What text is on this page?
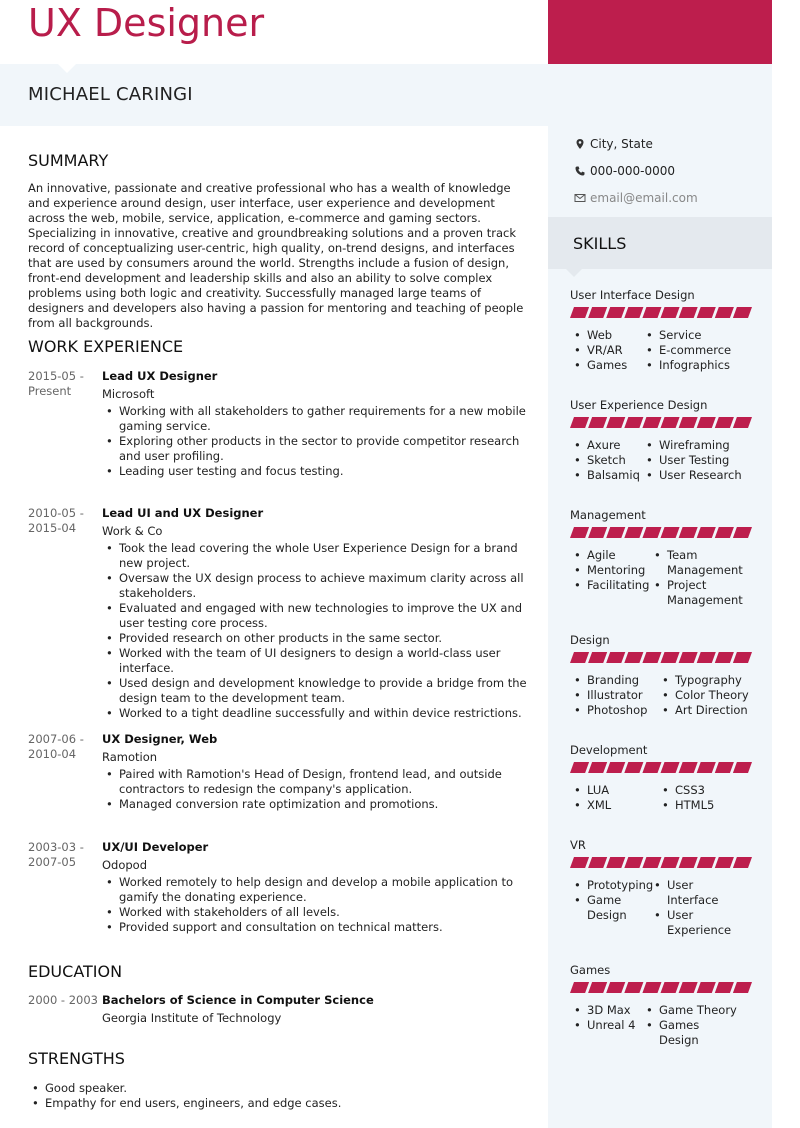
UX Designer
MICHAEL CARINGI
City, State
000-000-0000
email@email.com
SKILLS
User Interface Design
• Web
• VR/AR
• Games
• Service
• E-commerce
• Infographics
User Experience Design
• Axure
• Sketch
• Balsamiq
• Wireframing
• User Testing
• User Research
Management
• Agile
• Mentoring
• Facilitating
• Team Management
• Project Management
Design
• Branding
• Illustrator
• Photoshop
• Typography
• Color Theory
• Art Direction
Development
• LUA
• XML
• CSS3
• HTML5
VR
• Prototyping
• Game Design
• User Interface
• User Experience
Games
• 3D Max
• Unreal 4
• Game Theory
• Games Design
SUMMARY
An innovative, passionate and creative professional who has a wealth of knowledge and experience around design, user interface, user experience and development across the web, mobile, service, application, e-commerce and gaming sectors. Specializing in innovative, creative and groundbreaking solutions and a proven track record of conceptualizing user-centric, high quality, on-trend designs, and interfaces that are used by consumers around the world. Strengths include a fusion of design, front-end development and leadership skills and also an ability to solve complex problems using both logic and creativity. Successfully managed large teams of designers and developers also having a passion for mentoring and teaching of people from all backgrounds.
WORK EXPERIENCE
2015-05 - Present
Lead UX Designer
Microsoft
• Working with all stakeholders to gather requirements for a new mobile gaming service.
• Exploring other products in the sector to provide competitor research and user profiling.
• Leading user testing and focus testing.
2010-05 - 2015-04
Lead UI and UX Designer
Work & Co
• Took the lead covering the whole User Experience Design for a brand new project.
• Oversaw the UX design process to achieve maximum clarity across all stakeholders.
• Evaluated and engaged with new technologies to improve the UX and user testing core process.
• Provided research on other products in the same sector.
• Worked with the team of UI designers to design a world-class user interface.
• Used design and development knowledge to provide a bridge from the design team to the development team.
• Worked to a tight deadline successfully and within device restrictions.
2007-06 - 2010-04
UX Designer, Web
Ramotion
• Paired with Ramotion's Head of Design, frontend lead, and outside contractors to redesign the company's application.
• Managed conversion rate optimization and promotions.
2003-03 - 2007-05
UX/UI Developer
Odopod
• Worked remotely to help design and develop a mobile application to gamify the donating experience.
• Worked with stakeholders of all levels.
• Provided support and consultation on technical matters.
EDUCATION
2000 - 2003 Bachelors of Science in Computer Science
Georgia Institute of Technology
STRENGTHS
• Good speaker.
• Empathy for end users, engineers, and edge cases.
